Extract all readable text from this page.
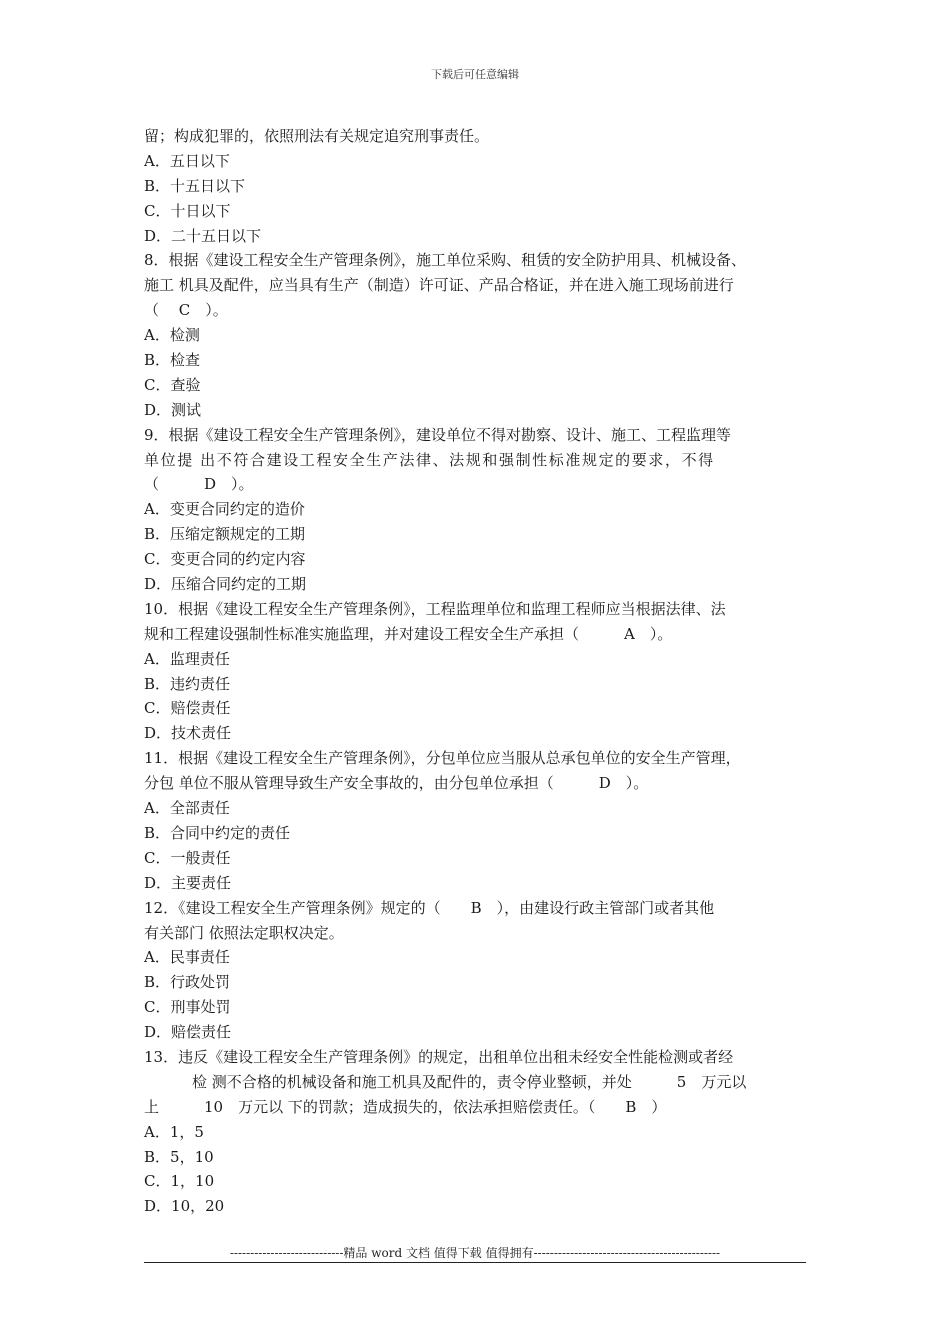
下载后可任意编辑
留；构成犯罪的，依照刑法有关规定追究刑事责任。
A．五日以下
B．十五日以下
C．十日以下
D．二十五日以下
8．根据《建设工程安全生产管理条例》，施工单位采购、租赁的安全防护用具、机械设备、
施工 机具及配件，应当具有生产（制造）许可证、产品合格证，并在进入施工现场前进行
（　 C　）。
A．检测
B．检查
C．查验
D．测试
9．根据《建设工程安全生产管理条例》，建设单位不得对勘察、设计、施工、工程监理等
单位提 出不符合建设工程安全生产法律、法规和强制性标准规定的要求，不得
（　　　D　）。
A．变更合同约定的造价
B．压缩定额规定的工期
C．变更合同的约定内容
D．压缩合同约定的工期
10．根据《建设工程安全生产管理条例》，工程监理单位和监理工程师应当根据法律、法
规和工程建设强制性标准实施监理，并对建设工程安全生产承担（　　　A　）。
A．监理责任
B．违约责任
C．赔偿责任
D．技术责任
11．根据《建设工程安全生产管理条例》，分包单位应当服从总承包单位的安全生产管理，
分包 单位不服从管理导致生产安全事故的，由分包单位承担（　　　D　）。
A．全部责任
B．合同中约定的责任
C．一般责任
D．主要责任
12．《建设工程安全生产管理条例》规定的（　　B　），由建设行政主管部门或者其他
有关部门 依照法定职权决定。
A．民事责任
B．行政处罚
C．刑事处罚
D．赔偿责任
13．违反《建设工程安全生产管理条例》的规定，出租单位出租未经安全性能检测或者经
检 测不合格的机械设备和施工机具及配件的，责令停业整顿，并处　　　5　万元以
上　　　10　万元以 下的罚款；造成损失的，依法承担赔偿责任。（　　B　）
A．1，5
B．5，10
C．1，10
D．10，20
----------------------------精品 word 文档 值得下载 值得拥有----------------------------------------------
